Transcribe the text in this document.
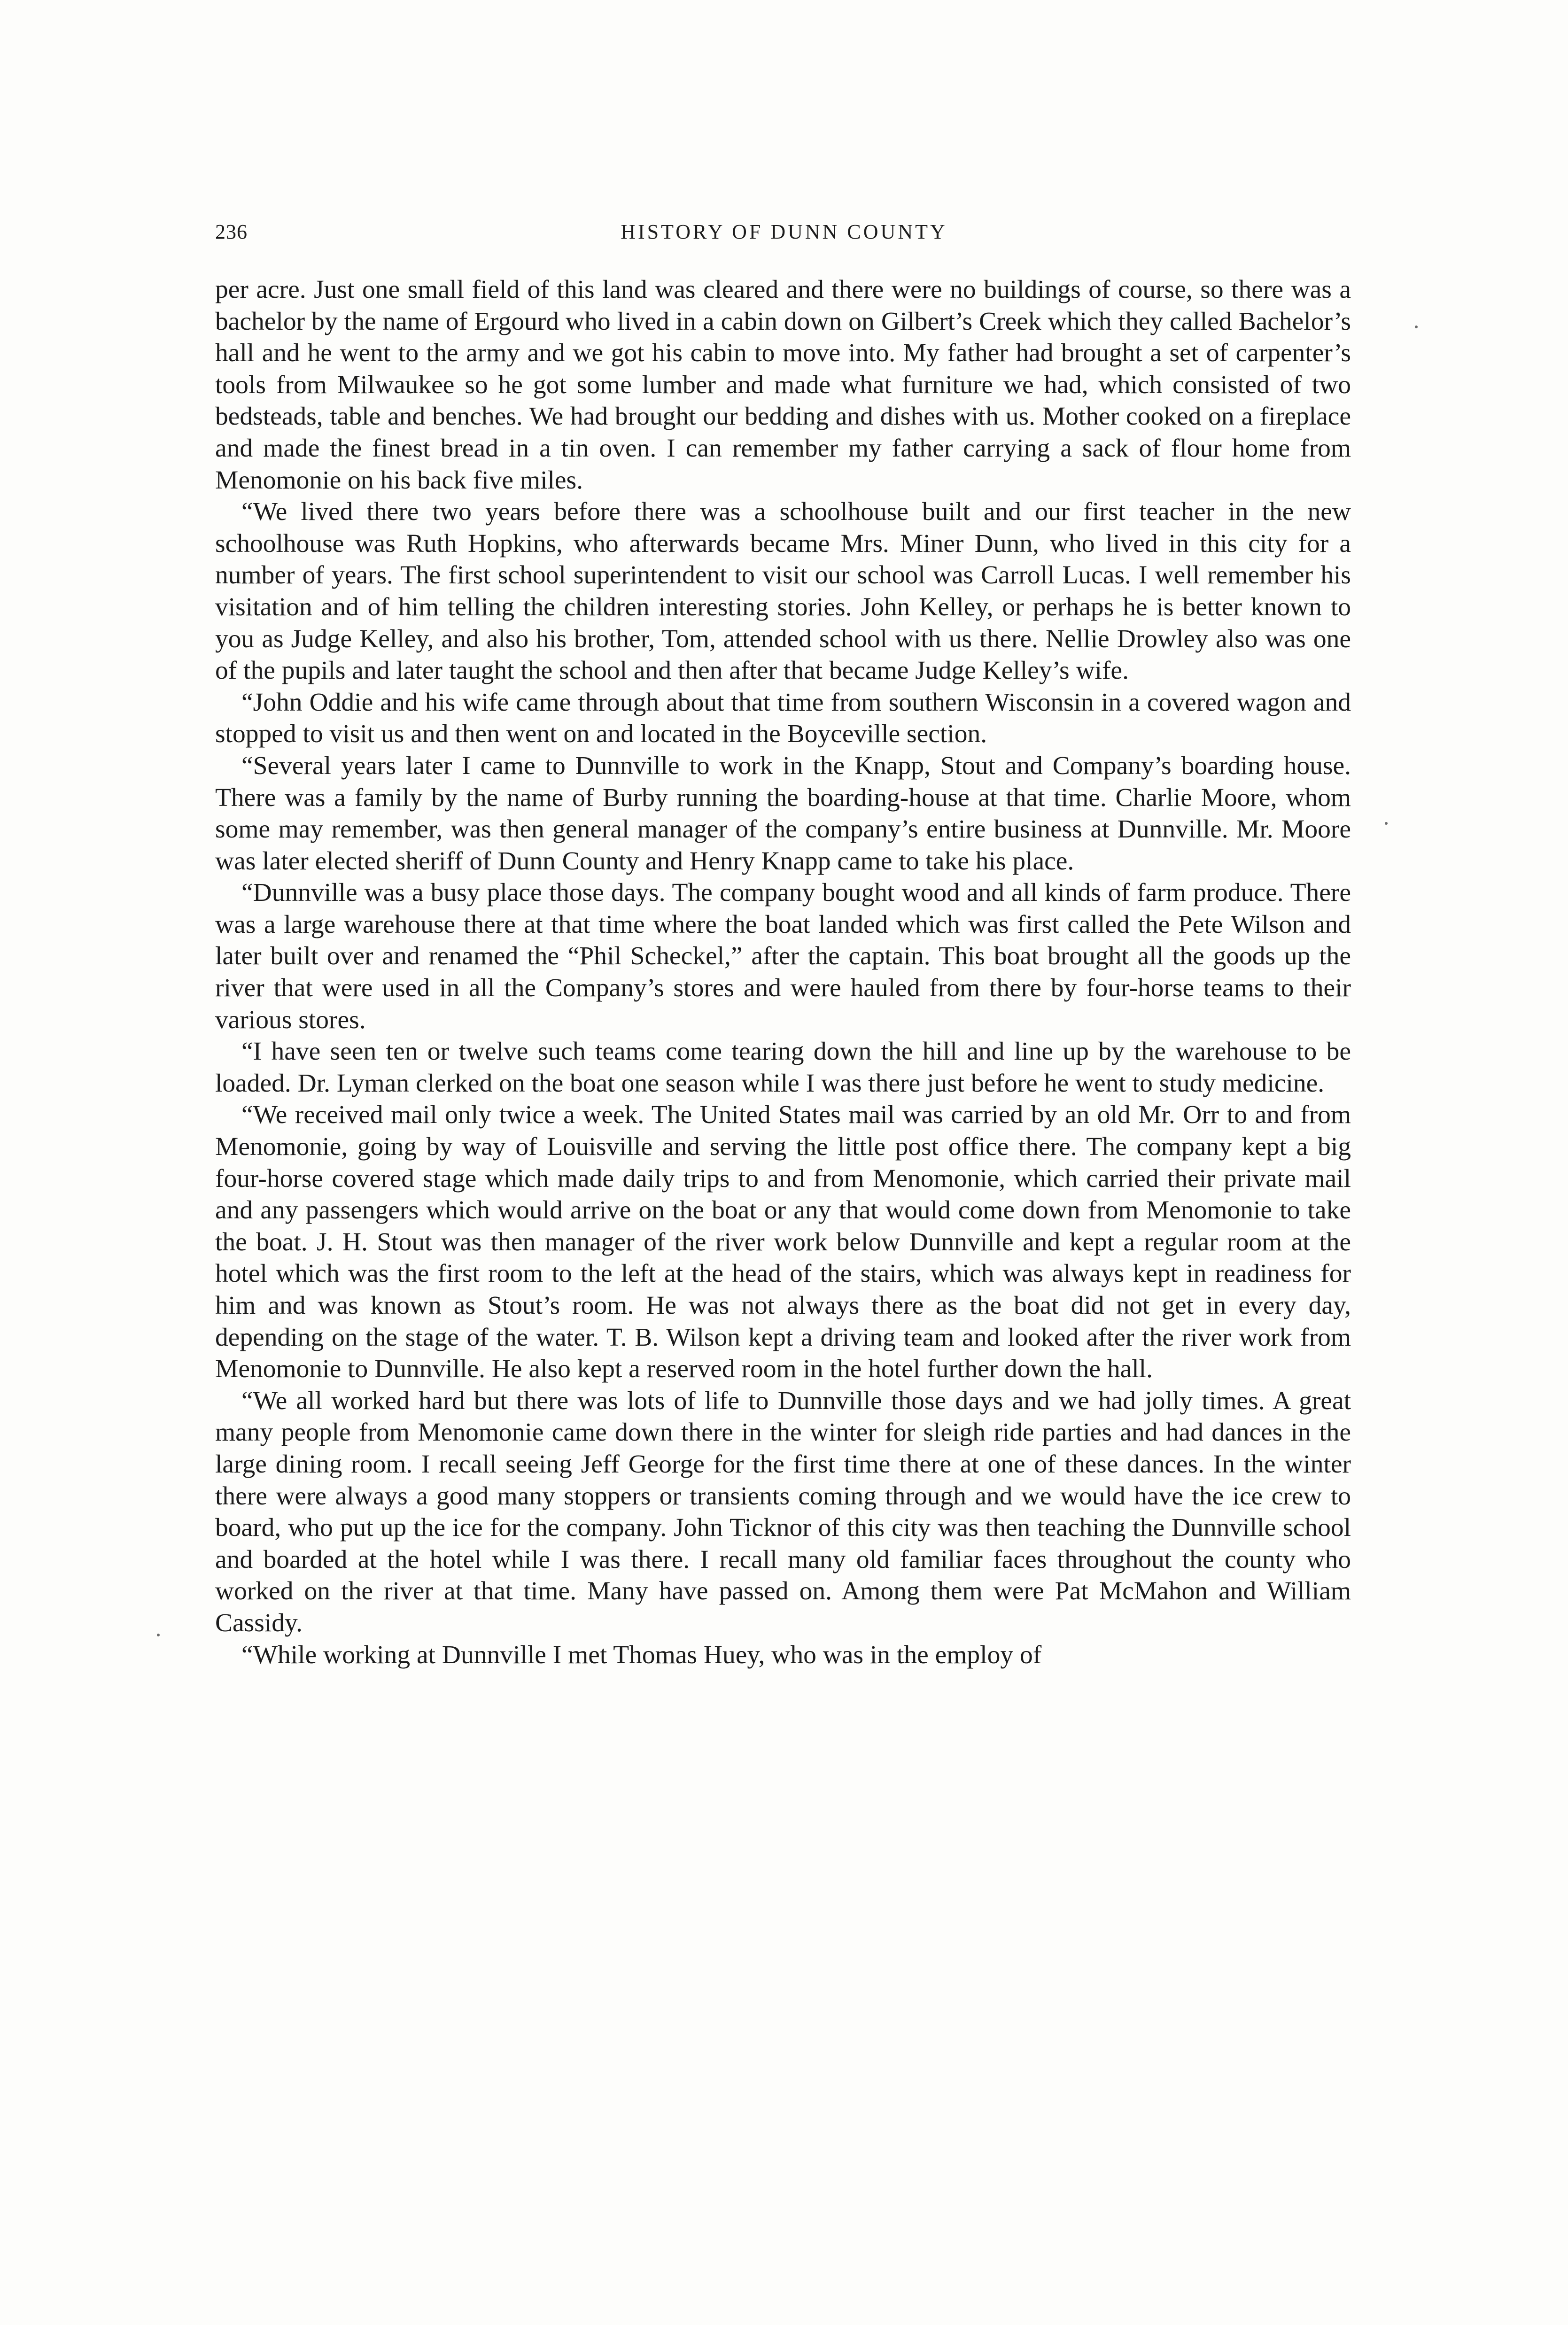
HISTORY OF DUNN COUNTY
236

per acre. Just one small field of this land was cleared and there were no buildings of course, so there was a bachelor by the name of Ergourd who lived in a cabin down on Gilbert’s Creek which they called Bachelor’s hall and he went to the army and we got his cabin to move into. My father had brought a set of carpenter’s tools from Milwaukee so he got some lumber and made what furniture we had, which consisted of two bedsteads, table and benches. We had brought our bedding and dishes with us. Mother cooked on a fireplace and made the finest bread in a tin oven. I can remember my father carrying a sack of flour home from Menomonie on his back five miles.

“We lived there two years before there was a schoolhouse built and our first teacher in the new schoolhouse was Ruth Hopkins, who afterwards became Mrs. Miner Dunn, who lived in this city for a number of years. The first school superintendent to visit our school was Carroll Lucas. I well remember his visitation and of him telling the children interesting stories. John Kelley, or perhaps he is better known to you as Judge Kelley, and also his brother, Tom, attended school with us there. Nellie Drowley also was one of the pupils and later taught the school and then after that became Judge Kelley’s wife.

“John Oddie and his wife came through about that time from southern Wisconsin in a covered wagon and stopped to visit us and then went on and located in the Boyceville section.

“Several years later I came to Dunnville to work in the Knapp, Stout and Company’s boarding house. There was a family by the name of Burby running the boarding-house at that time. Charlie Moore, whom some may remember, was then general manager of the company’s entire business at Dunnville. Mr. Moore was later elected sheriff of Dunn County and Henry Knapp came to take his place.

“Dunnville was a busy place those days. The company bought wood and all kinds of farm produce. There was a large warehouse there at that time where the boat landed which was first called the Pete Wilson and later built over and renamed the “Phil Scheckel,” after the captain. This boat brought all the goods up the river that were used in all the Company’s stores and were hauled from there by four-horse teams to their various stores.

“I have seen ten or twelve such teams come tearing down the hill and line up by the warehouse to be loaded. Dr. Lyman clerked on the boat one season while I was there just before he went to study medicine.

“We received mail only twice a week. The United States mail was carried by an old Mr. Orr to and from Menomonie, going by way of Louisville and serving the little post office there. The company kept a big four-horse covered stage which made daily trips to and from Menomonie, which carried their private mail and any passengers which would arrive on the boat or any that would come down from Menomonie to take the boat. J. H. Stout was then manager of the river work below Dunnville and kept a regular room at the hotel which was the first room to the left at the head of the stairs, which was always kept in readiness for him and was known as Stout’s room. He was not always there as the boat did not get in every day, depending on the stage of the water. T. B. Wilson kept a driving team and looked after the river work from Menomonie to Dunnville. He also kept a reserved room in the hotel further down the hall.

“We all worked hard but there was lots of life to Dunnville those days and we had jolly times. A great many people from Menomonie came down there in the winter for sleigh ride parties and had dances in the large dining room. I recall seeing Jeff George for the first time there at one of these dances. In the winter there were always a good many stoppers or transients coming through and we would have the ice crew to board, who put up the ice for the company. John Ticknor of this city was then teaching the Dunnville school and boarded at the hotel while I was there. I recall many old familiar faces throughout the county who worked on the river at that time. Many have passed on. Among them were Pat McMahon and William Cassidy.

“While working at Dunnville I met Thomas Huey, who was in the employ of
